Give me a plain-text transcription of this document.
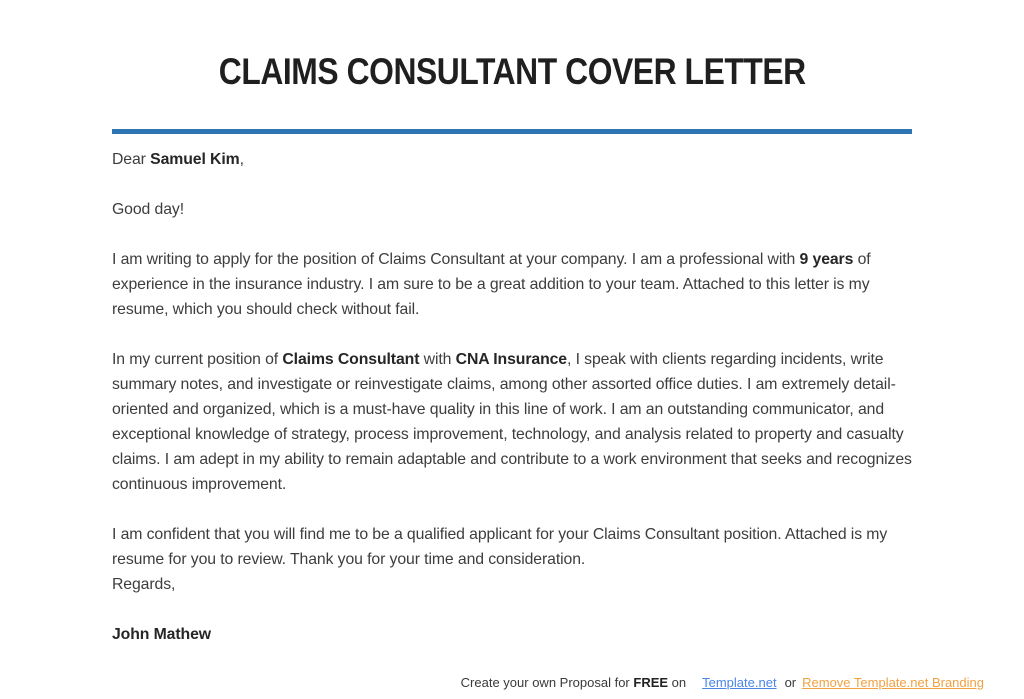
CLAIMS CONSULTANT COVER LETTER

Dear Samuel Kim,

Good day!

I am writing to apply for the position of Claims Consultant at your company. I am a professional with 9 years of experience in the insurance industry. I am sure to be a great addition to your team. Attached to this letter is my resume, which you should check without fail.

In my current position of Claims Consultant with CNA Insurance, I speak with clients regarding incidents, write summary notes, and investigate or reinvestigate claims, among other assorted office duties. I am extremely detail-oriented and organized, which is a must-have quality in this line of work. I am an outstanding communicator, and exceptional knowledge of strategy, process improvement, technology, and analysis related to property and casualty claims. I am adept in my ability to remain adaptable and contribute to a work environment that seeks and recognizes continuous improvement.

I am confident that you will find me to be a qualified applicant for your Claims Consultant position. Attached is my resume for you to review. Thank you for your time and consideration.
Regards,

John Mathew

Create your own Proposal for FREE on Template.net or Remove Template.net Branding
